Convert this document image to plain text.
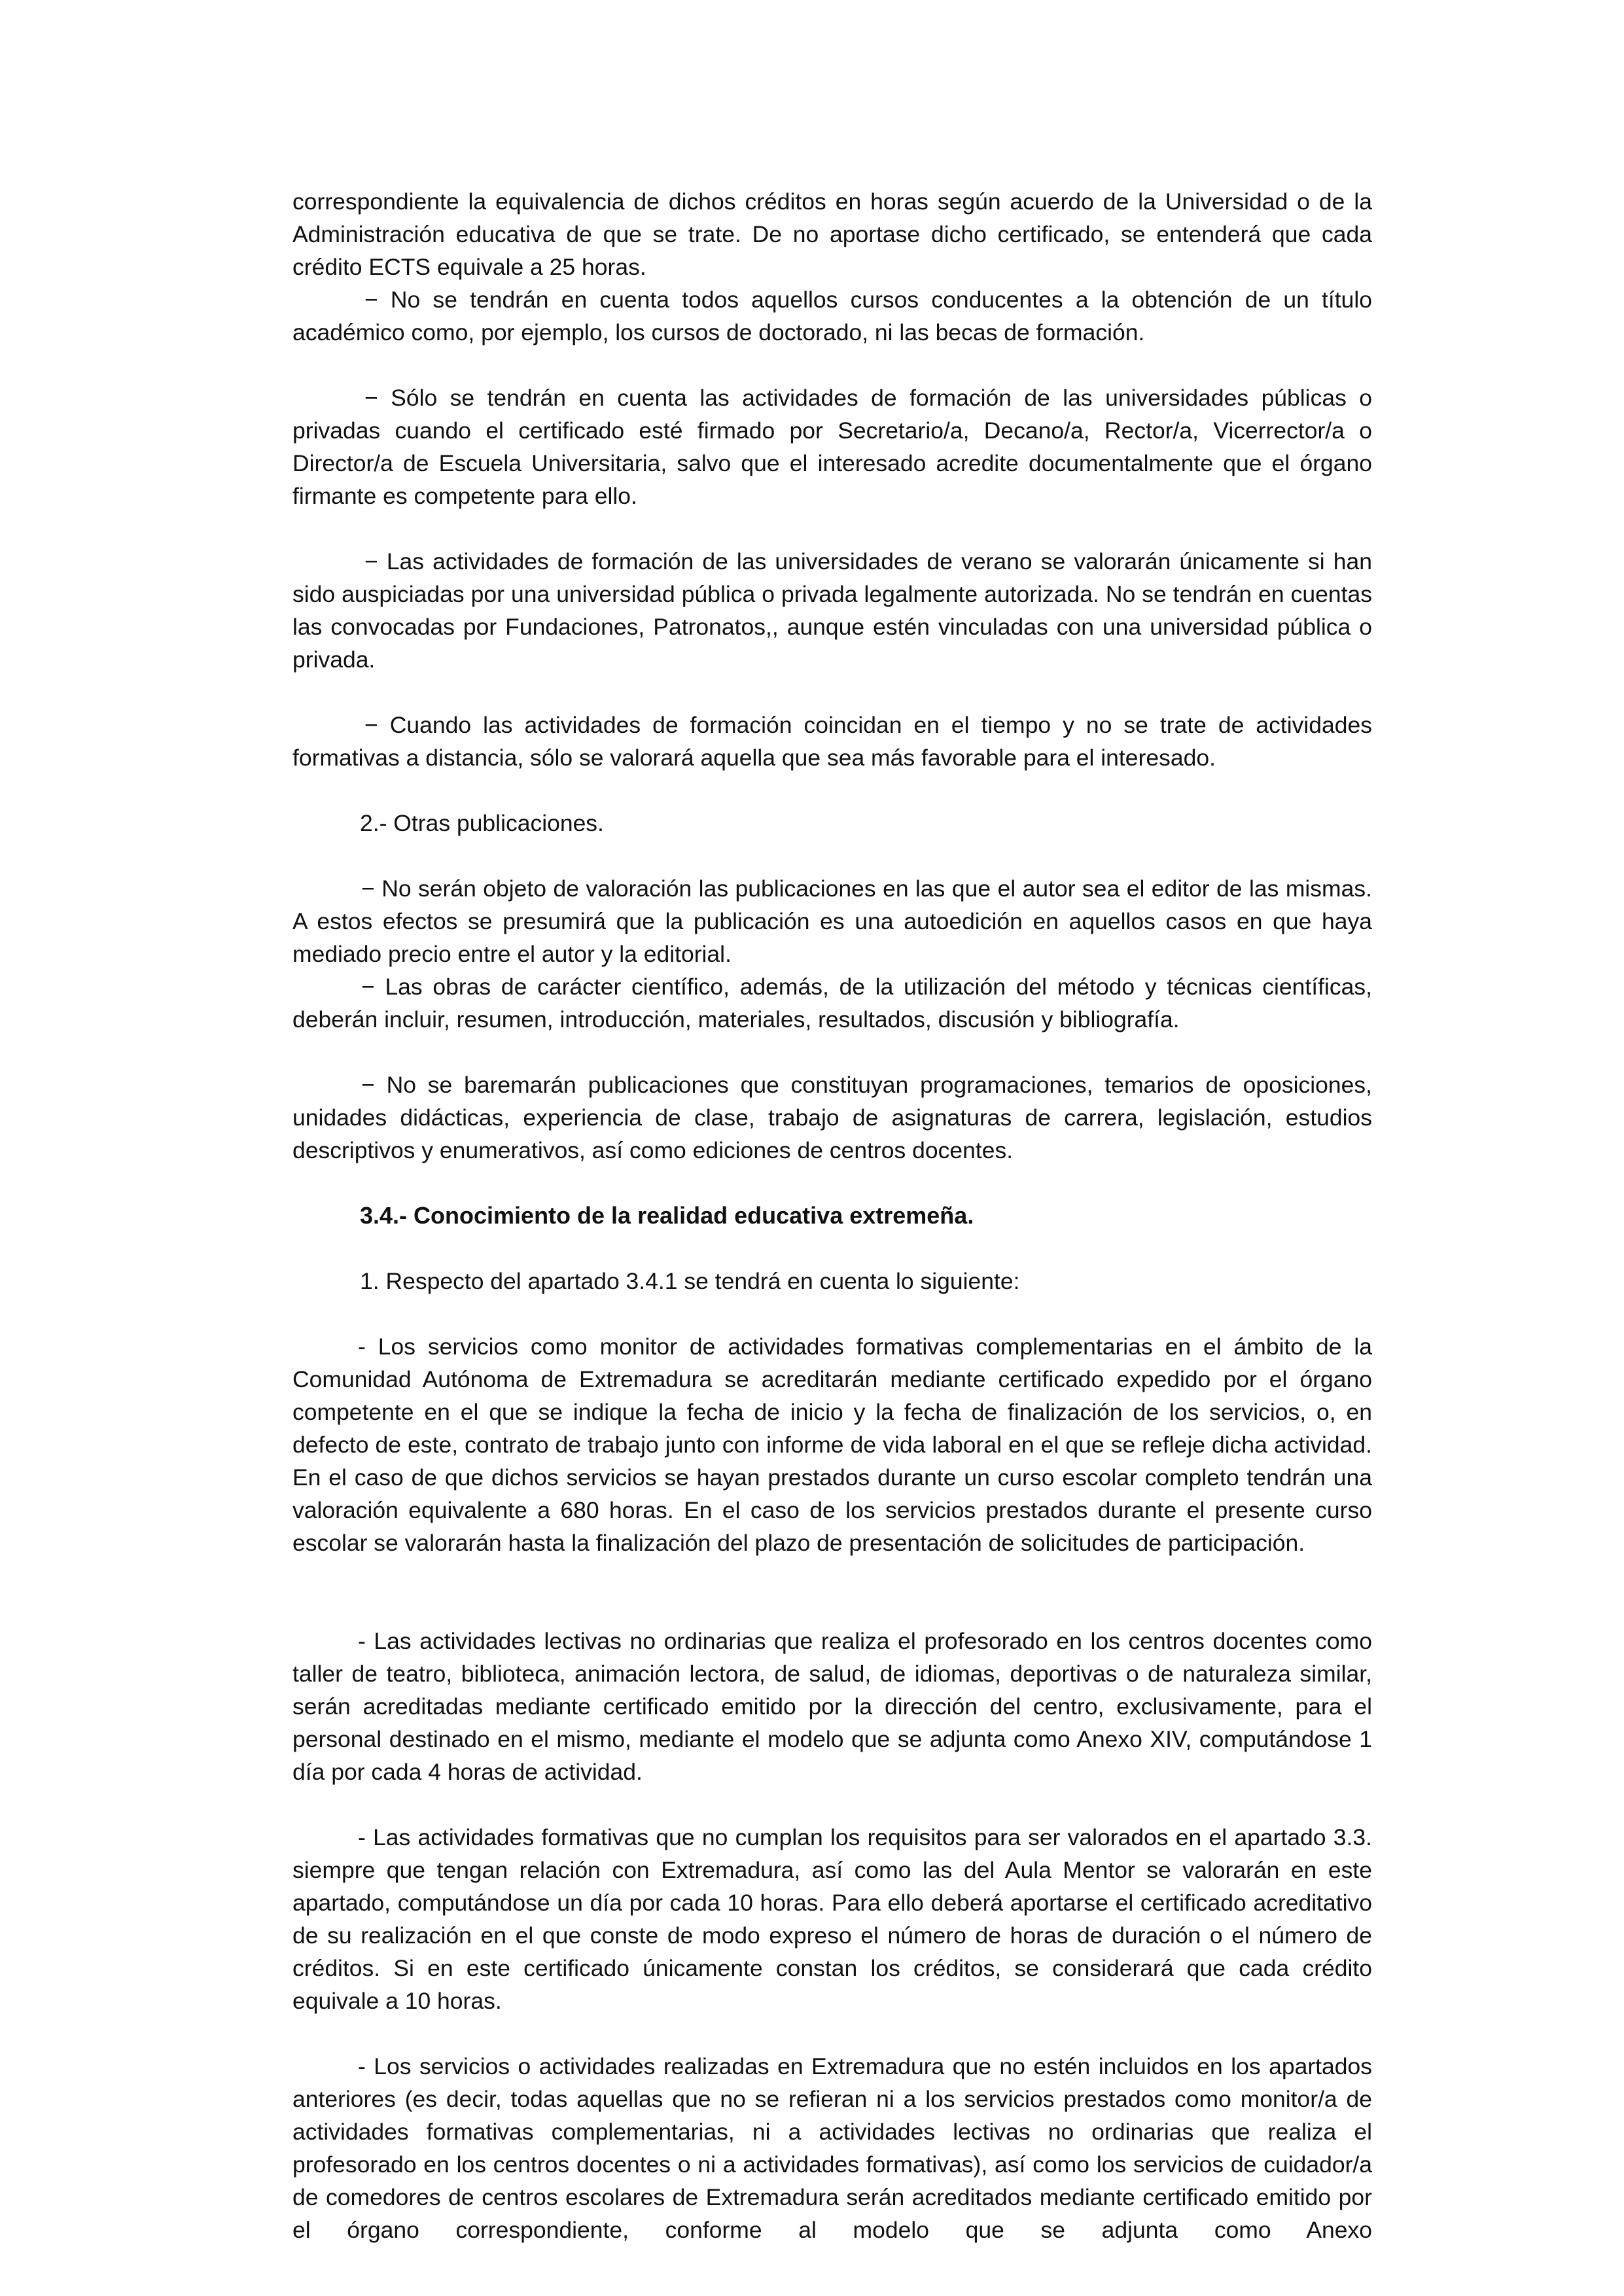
correspondiente la equivalencia de dichos créditos en horas según acuerdo de la Universidad o de la Administración educativa de que se trate. De no aportase dicho certificado, se entenderá que cada crédito ECTS equivale a 25 horas.

− No se tendrán en cuenta todos aquellos cursos conducentes a la obtención de un título académico como, por ejemplo, los cursos de doctorado, ni las becas de formación.

− Sólo se tendrán en cuenta las actividades de formación de las universidades públicas o privadas cuando el certificado esté firmado por Secretario/a, Decano/a, Rector/a, Vicerrector/a o Director/a de Escuela Universitaria, salvo que el interesado acredite documentalmente que el órgano firmante es competente para ello.

− Las actividades de formación de las universidades de verano se valorarán únicamente si han sido auspiciadas por una universidad pública o privada legalmente autorizada. No se tendrán en cuentas las convocadas por Fundaciones, Patronatos,, aunque estén vinculadas con una universidad pública o privada.

− Cuando las actividades de formación coincidan en el tiempo y no se trate de actividades formativas a distancia, sólo se valorará aquella que sea más favorable para el interesado.

2.- Otras publicaciones.

− No serán objeto de valoración las publicaciones en las que el autor sea el editor de las mismas. A estos efectos se presumirá que la publicación es una autoedición en aquellos casos en que haya mediado precio entre el autor y la editorial.

− Las obras de carácter científico, además, de la utilización del método y técnicas científicas, deberán incluir, resumen, introducción, materiales, resultados, discusión y bibliografía.

− No se baremarán publicaciones que constituyan programaciones, temarios de oposiciones, unidades didácticas, experiencia de clase, trabajo de asignaturas de carrera, legislación, estudios descriptivos y enumerativos, así como ediciones de centros docentes.

3.4.- Conocimiento de la realidad educativa extremeña.

1. Respecto del apartado 3.4.1 se tendrá en cuenta lo siguiente:

- Los servicios como monitor de actividades formativas complementarias en el ámbito de la Comunidad Autónoma de Extremadura se acreditarán mediante certificado expedido por el órgano competente en el que se indique la fecha de inicio y la fecha de finalización de los servicios, o, en defecto de este, contrato de trabajo junto con informe de vida laboral en el que se refleje dicha actividad. En el caso de que dichos servicios se hayan prestados durante un curso escolar completo tendrán una valoración equivalente a 680 horas. En el caso de los servicios prestados durante el presente curso escolar se valorarán hasta la finalización del plazo de presentación de solicitudes de participación.

- Las actividades lectivas no ordinarias que realiza el profesorado en los centros docentes como taller de teatro, biblioteca, animación lectora, de salud, de idiomas, deportivas o de naturaleza similar, serán acreditadas mediante certificado emitido por la dirección del centro, exclusivamente, para el personal destinado en el mismo, mediante el modelo que se adjunta como Anexo XIV, computándose 1 día por cada 4 horas de actividad.

- Las actividades formativas que no cumplan los requisitos para ser valorados en el apartado 3.3. siempre que tengan relación con Extremadura, así como las del Aula Mentor se valorarán en este apartado, computándose un día por cada 10 horas. Para ello deberá aportarse el certificado acreditativo de su realización en el que conste de modo expreso el número de horas de duración o el número de créditos. Si en este certificado únicamente constan los créditos, se considerará que cada crédito equivale a 10 horas.

- Los servicios o actividades realizadas en Extremadura que no estén incluidos en los apartados anteriores (es decir, todas aquellas que no se refieran ni a los servicios prestados como monitor/a de actividades formativas complementarias, ni a actividades lectivas no ordinarias que realiza el profesorado en los centros docentes o ni a actividades formativas), así como los servicios de cuidador/a de comedores de centros escolares de Extremadura serán acreditados mediante certificado emitido por el órgano correspondiente, conforme al modelo que se adjunta como Anexo
